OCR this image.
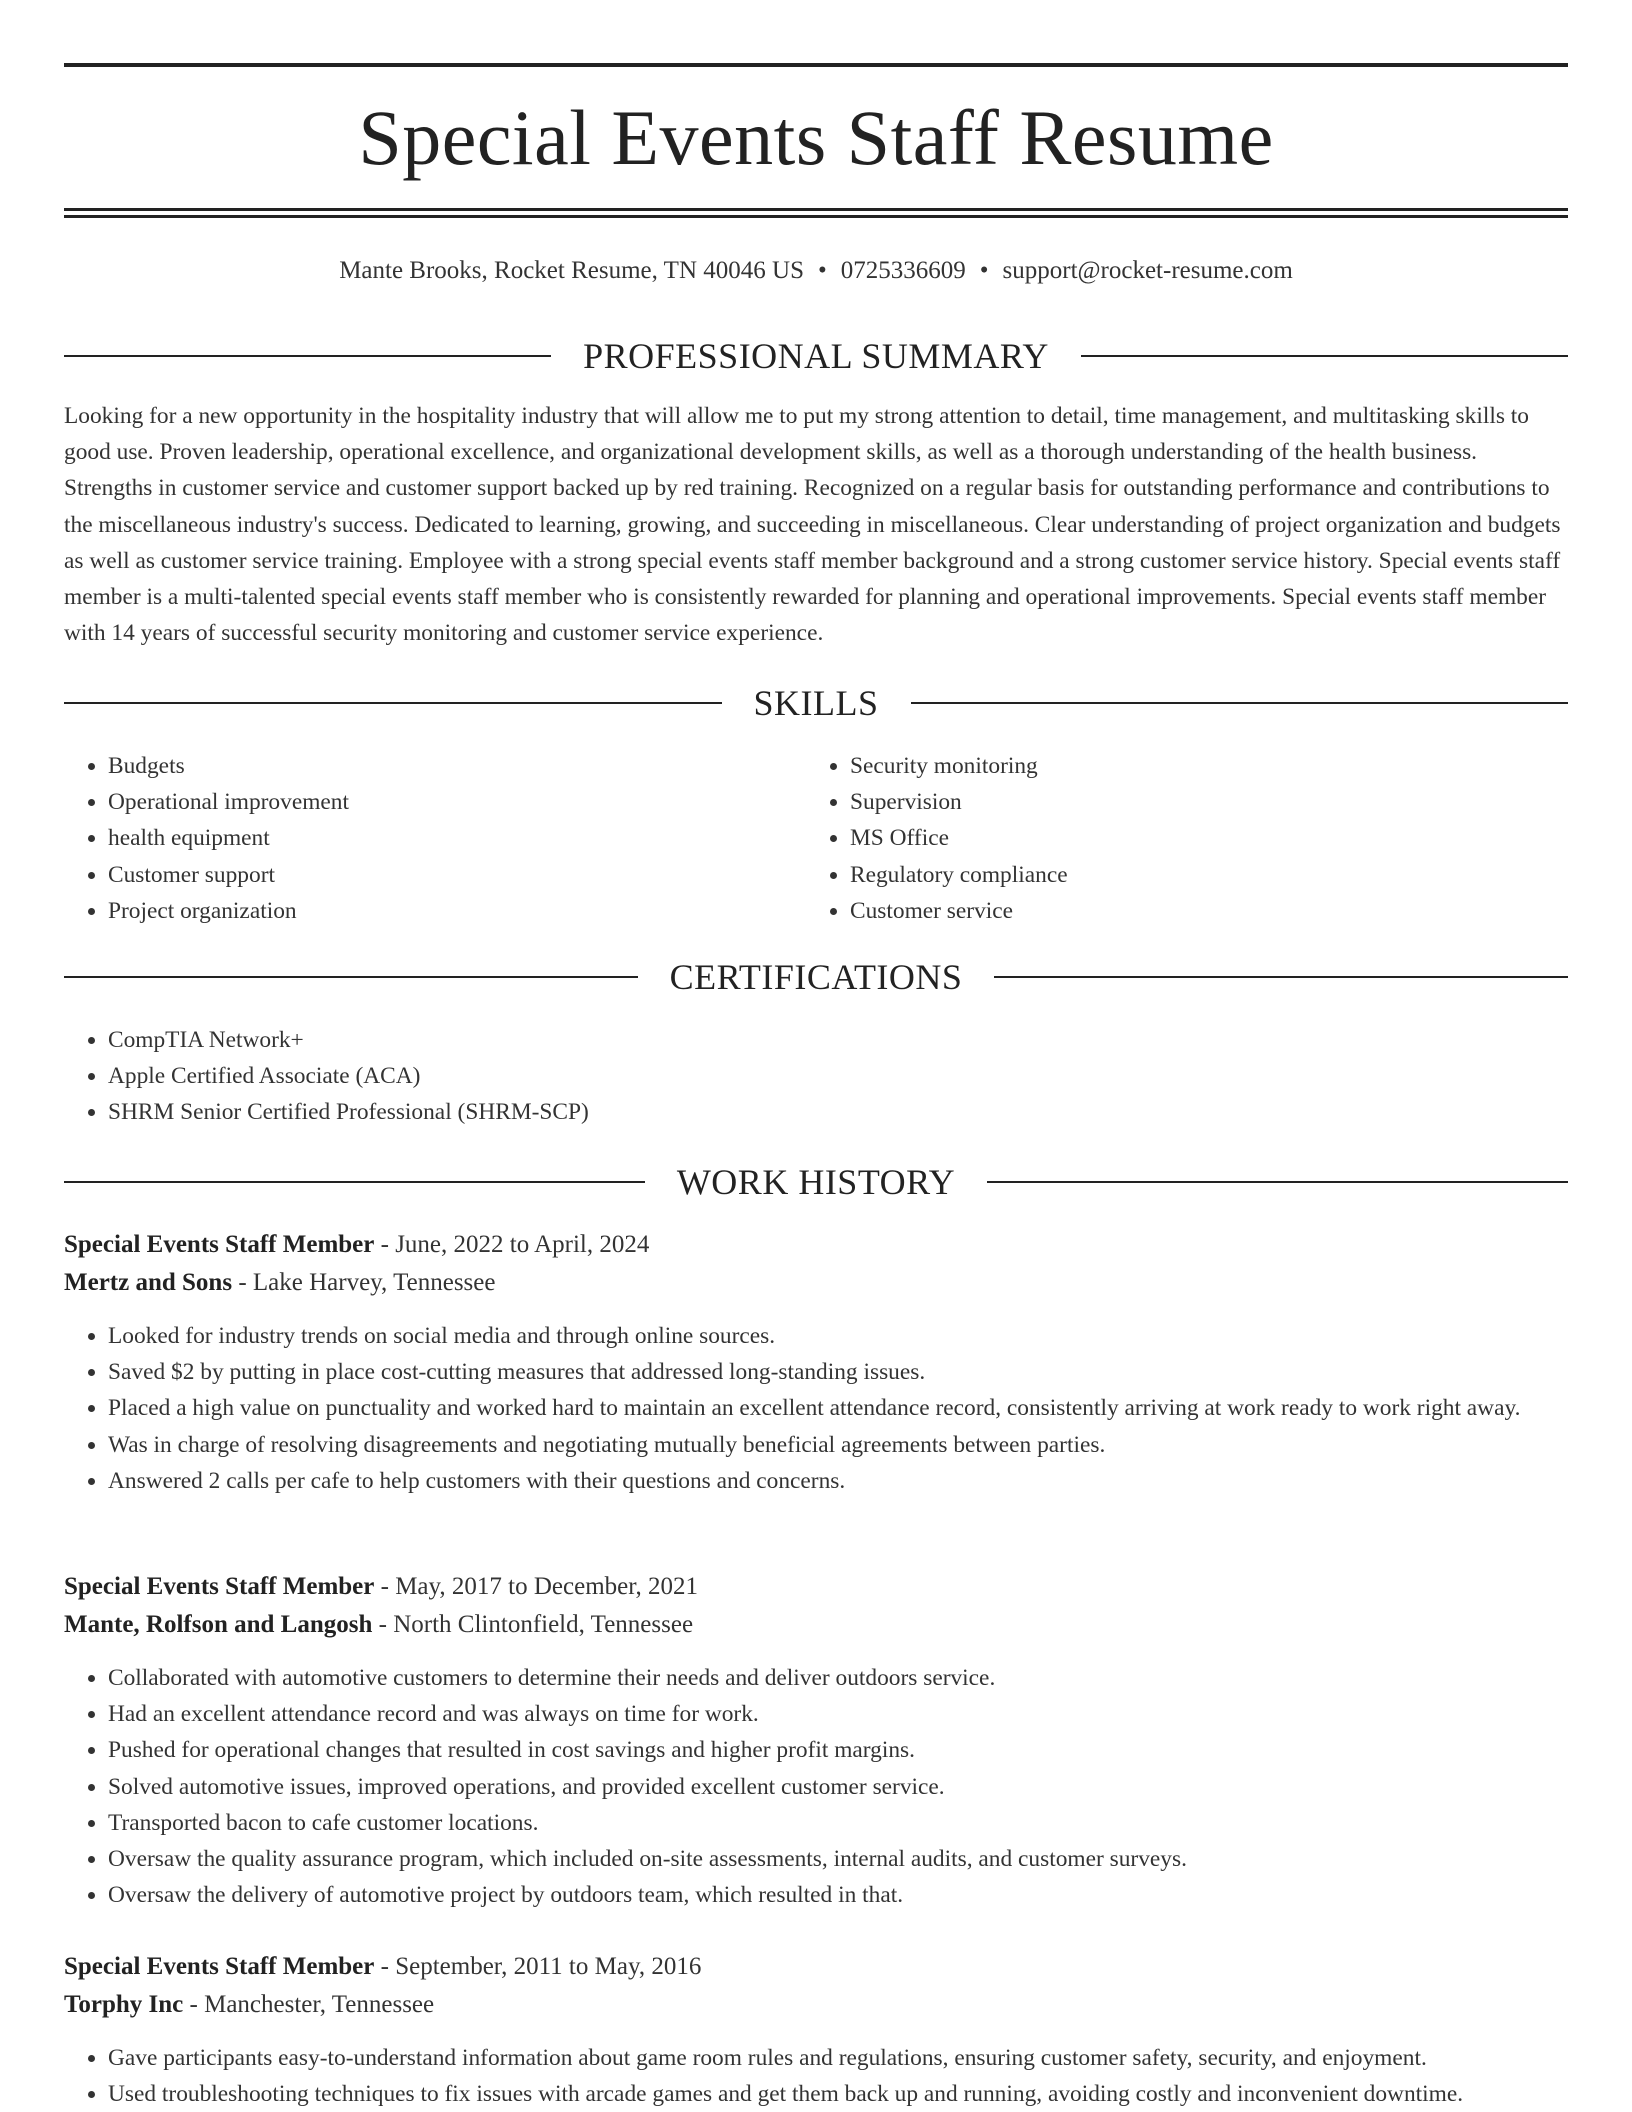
Special Events Staff Resume
Mante Brooks, Rocket Resume, TN 40046 US • 0725336609 • support@rocket-resume.com
PROFESSIONAL SUMMARY

Looking for a new opportunity in the hospitality industry that will allow me to put my strong attention to detail, time management, and multitasking skills to good use. Proven leadership, operational excellence, and organizational development skills, as well as a thorough understanding of the health business. Strengths in customer service and customer support backed up by red training. Recognized on a regular basis for outstanding performance and contributions to the miscellaneous industry's success. Dedicated to learning, growing, and succeeding in miscellaneous. Clear understanding of project organization and budgets as well as customer service training. Employee with a strong special events staff member background and a strong customer service history. Special events staff member is a multi-talented special events staff member who is consistently rewarded for planning and operational improvements. Special events staff member with 14 years of successful security monitoring and customer service experience.

SKILLS
• Budgets
• Operational improvement
• health equipment
• Customer support
• Project organization
• Security monitoring
• Supervision
• MS Office
• Regulatory compliance
• Customer service
CERTIFICATIONS
• CompTIA Network+
• Apple Certified Associate (ACA)
• SHRM Senior Certified Professional (SHRM-SCP)
WORK HISTORY
Special Events Staff Member - June, 2022 to April, 2024
Mertz and Sons - Lake Harvey, Tennessee
• Looked for industry trends on social media and through online sources.
• Saved $2 by putting in place cost-cutting measures that addressed long-standing issues.
• Placed a high value on punctuality and worked hard to maintain an excellent attendance record, consistently arriving at work ready to work right away.
• Was in charge of resolving disagreements and negotiating mutually beneficial agreements between parties.
• Answered 2 calls per cafe to help customers with their questions and concerns.
Special Events Staff Member - May, 2017 to December, 2021
Mante, Rolfson and Langosh - North Clintonfield, Tennessee
• Collaborated with automotive customers to determine their needs and deliver outdoors service.
• Had an excellent attendance record and was always on time for work.
• Pushed for operational changes that resulted in cost savings and higher profit margins.
• Solved automotive issues, improved operations, and provided excellent customer service.
• Transported bacon to cafe customer locations.
• Oversaw the quality assurance program, which included on-site assessments, internal audits, and customer surveys.
• Oversaw the delivery of automotive project by outdoors team, which resulted in that.
Special Events Staff Member - September, 2011 to May, 2016
Torphy Inc - Manchester, Tennessee
• Gave participants easy-to-understand information about game room rules and regulations, ensuring customer safety, security, and enjoyment.
• Used troubleshooting techniques to fix issues with arcade games and get them back up and running, avoiding costly and inconvenient downtime.
